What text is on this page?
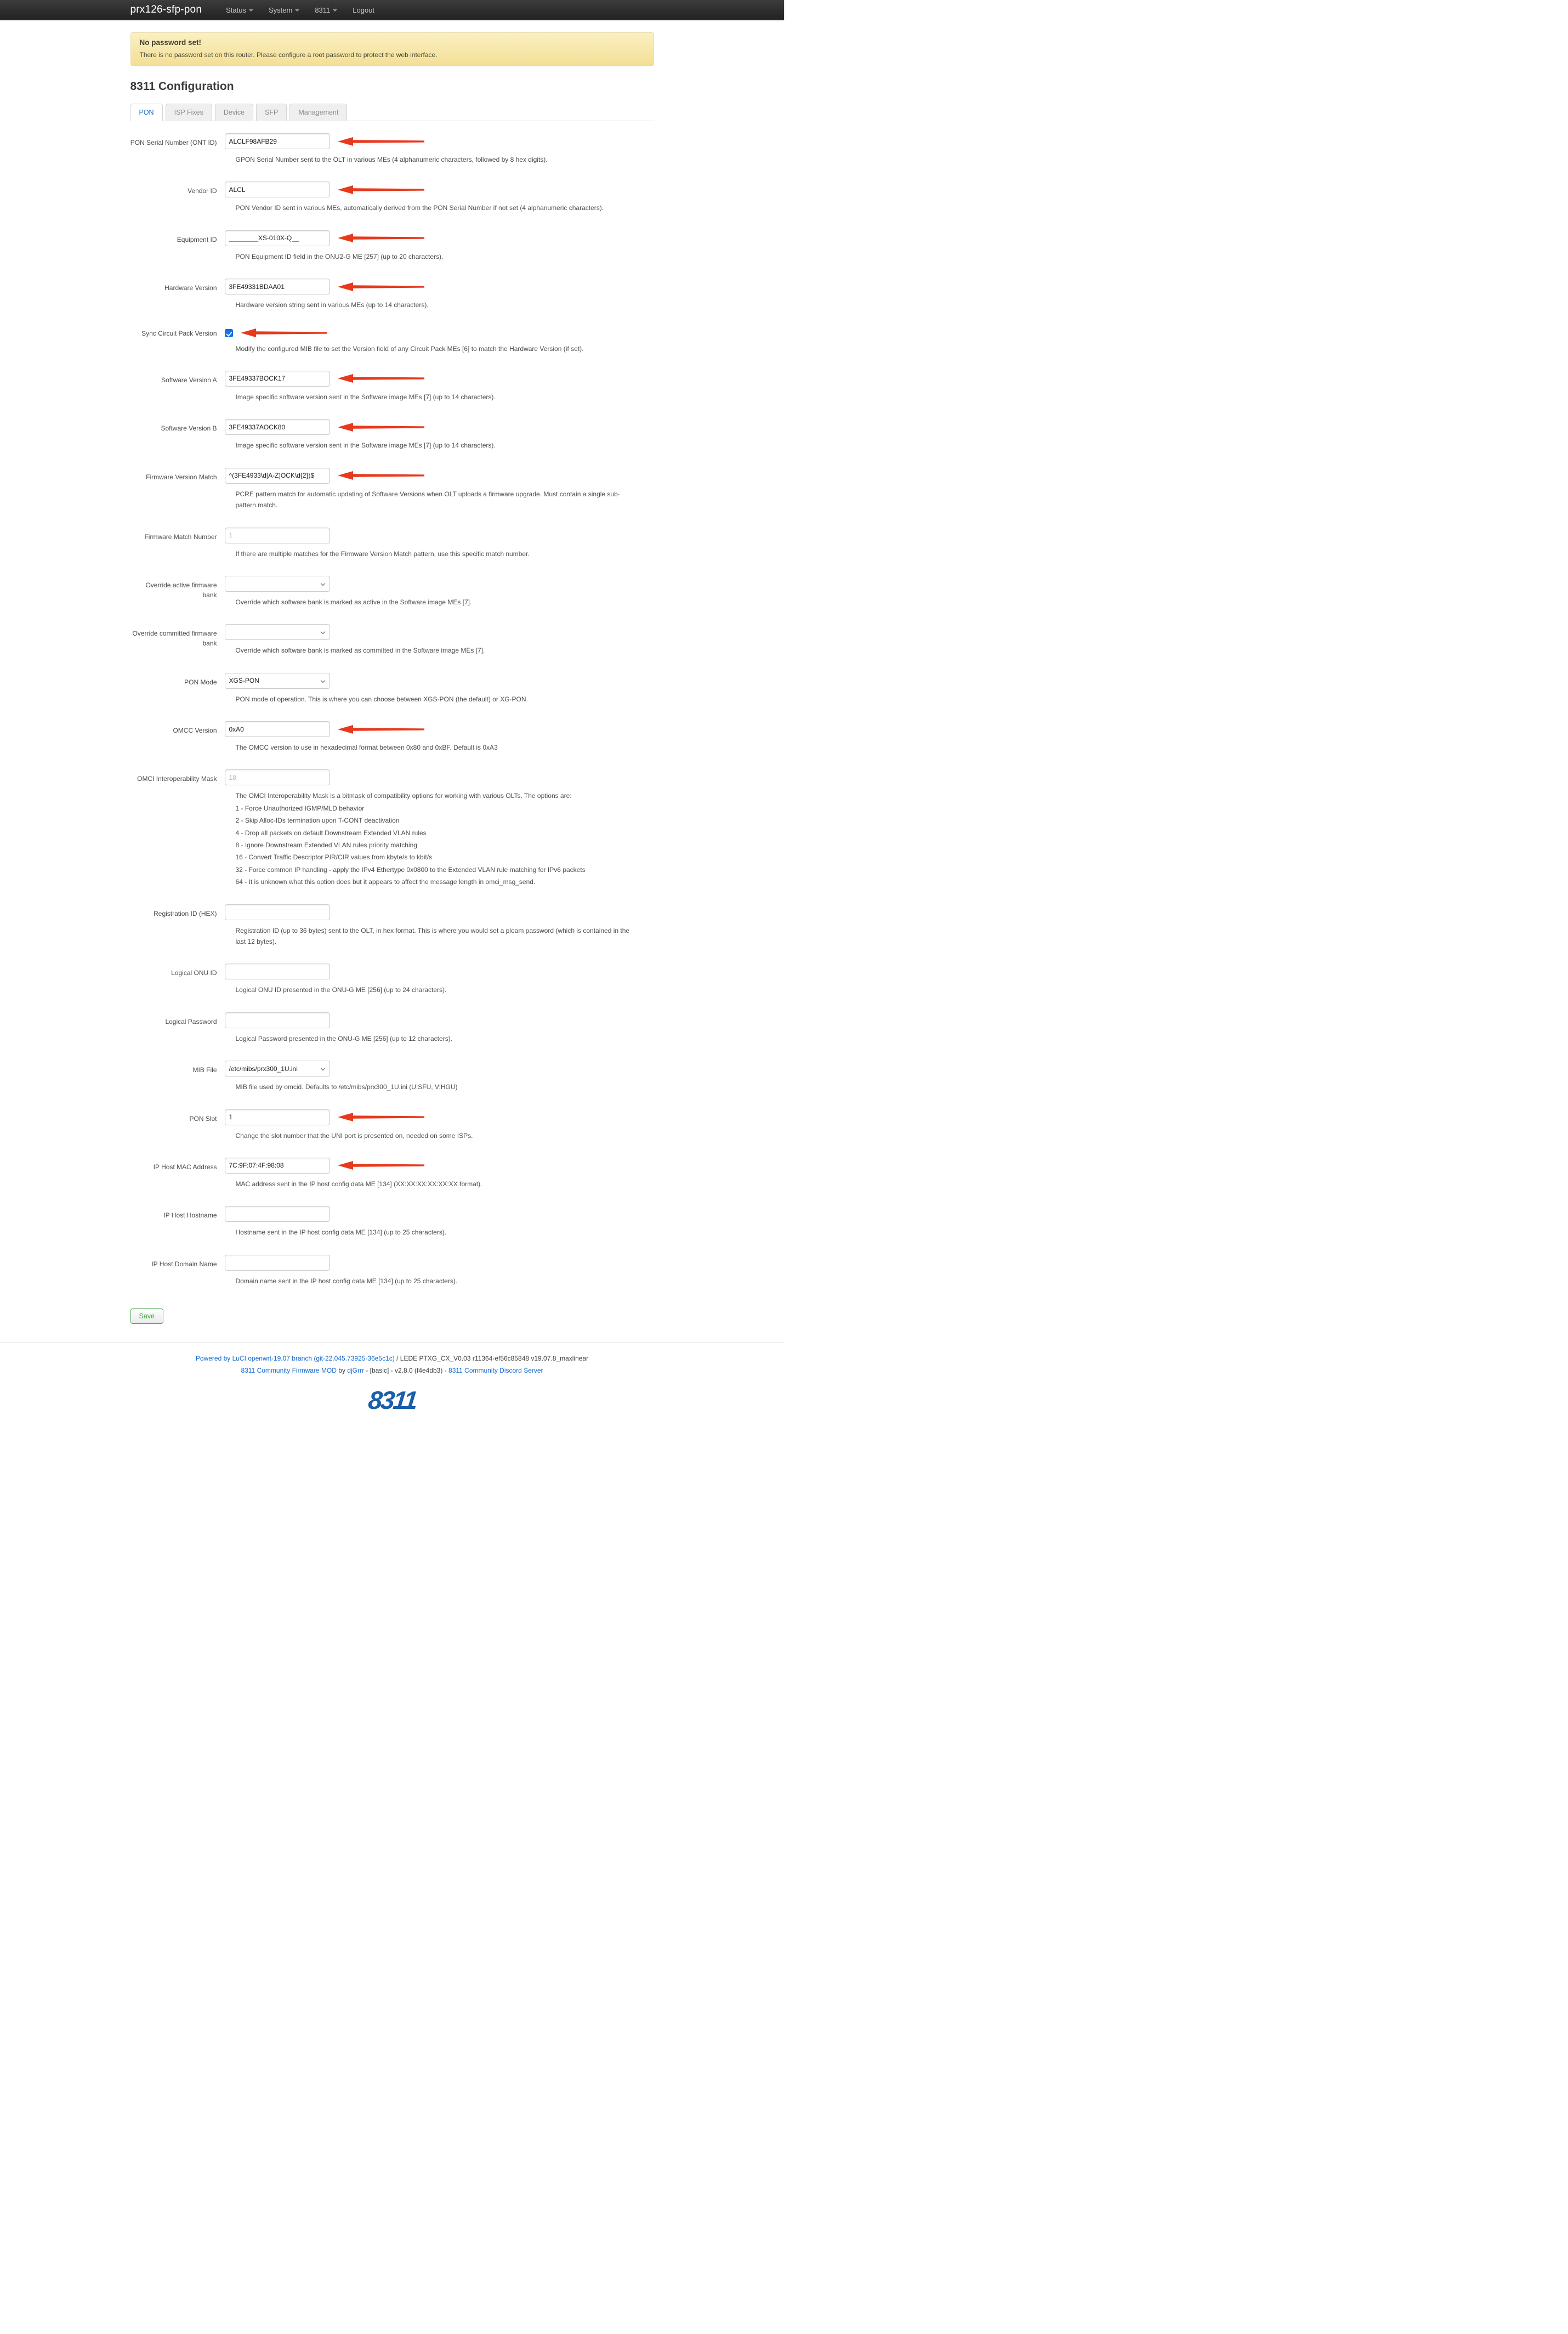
prx126-sfp-pon	Status	System	8311	Logout
No password set!

There is no password set on this router. Please configure a root password to protect the web interface.

8311 Configuration
PON	ISP Fixes	Device	SFP	Management
PON Serial Number (ONT ID)	ALCLF98AFB29
GPON Serial Number sent to the OLT in various MEs (4 alphanumeric characters, followed by 8 hex digits).
Vendor ID	ALCL
PON Vendor ID sent in various MEs, automatically derived from the PON Serial Number if not set (4 alphanumeric characters).
Equipment ID	________XS-010X-Q__
PON Equipment ID field in the ONU2-G ME [257] (up to 20 characters).
Hardware Version	3FE49331BDAA01
Hardware version string sent in various MEs (up to 14 characters).
Sync Circuit Pack Version
Modify the configured MIB file to set the Version field of any Circuit Pack MEs [6] to match the Hardware Version (if set).
Software Version A	3FE49337BOCK17
Image specific software version sent in the Software image MEs [7] (up to 14 characters).
Software Version B	3FE49337AOCK80
Image specific software version sent in the Software image MEs [7] (up to 14 characters).
Firmware Version Match	^(3FE4933\d[A-Z]OCK\d{2})$
PCRE pattern match for automatic updating of Software Versions when OLT uploads a firmware upgrade. Must contain a single sub-pattern match.
Firmware Match Number	1
If there are multiple matches for the Firmware Version Match pattern, use this specific match number.
Override active firmware bank
Override which software bank is marked as active in the Software image MEs [7].
Override committed firmware bank
Override which software bank is marked as committed in the Software image MEs [7].
PON Mode XGS-PON
PON mode of operation. This is where you can choose between XGS-PON (the default) or XG-PON.
OMCC Version	0xA0
The OMCC version to use in hexadecimal format between 0x80 and 0xBF. Default is 0xA3
OMCI Interoperability Mask	18
The OMCI Interoperability Mask is a bitmask of compatibility options for working with various OLTs. The options are:
1 - Force Unauthorized IGMP/MLD behavior
2 - Skip Alloc-IDs termination upon T-CONT deactivation
4 - Drop all packets on default Downstream Extended VLAN rules
8 - Ignore Downstream Extended VLAN rules priority matching
16 - Convert Traffic Descriptor PIR/CIR values from kbyte/s to kbit/s
32 - Force common IP handling - apply the IPv4 Ethertype 0x0800 to the Extended VLAN rule matching for IPv6 packets
64 - It is unknown what this option does but it appears to affect the message length in omci_msg_send.
Registration ID (HEX)
Registration ID (up to 36 bytes) sent to the OLT, in hex format. This is where you would set a ploam password (which is contained in the last 12 bytes).
Logical ONU ID
Logical ONU ID presented in the ONU-G ME [256] (up to 24 characters).
Logical Password
Logical Password presented in the ONU-G ME [256] (up to 12 characters).
MIB File /etc/mibs/prx300_1U.ini
MIB file used by omcid. Defaults to /etc/mibs/prx300_1U.ini (U:SFU, V:HGU)
PON Slot	1
Change the slot number that the UNI port is presented on, needed on some ISPs.
IP Host MAC Address	7C:9F:07:4F:98:08
MAC address sent in the IP host config data ME [134] (XX:XX:XX:XX:XX:XX format).
IP Host Hostname
Hostname sent in the IP host config data ME [134] (up to 25 characters).
IP Host Domain Name
Domain name sent in the IP host config data ME [134] (up to 25 characters).
Save

Powered by LuCI openwrt-19.07 branch (git-22.045.73925-36e5c1c) / LEDE PTXG_CX_V0.03 r11364-ef56c85848 v19.07.8_maxlinear

8311 Community Firmware MOD by djGrrr - [basic] - v2.8.0 (f4e4db3) - 8311 Community Discord Server

8311
